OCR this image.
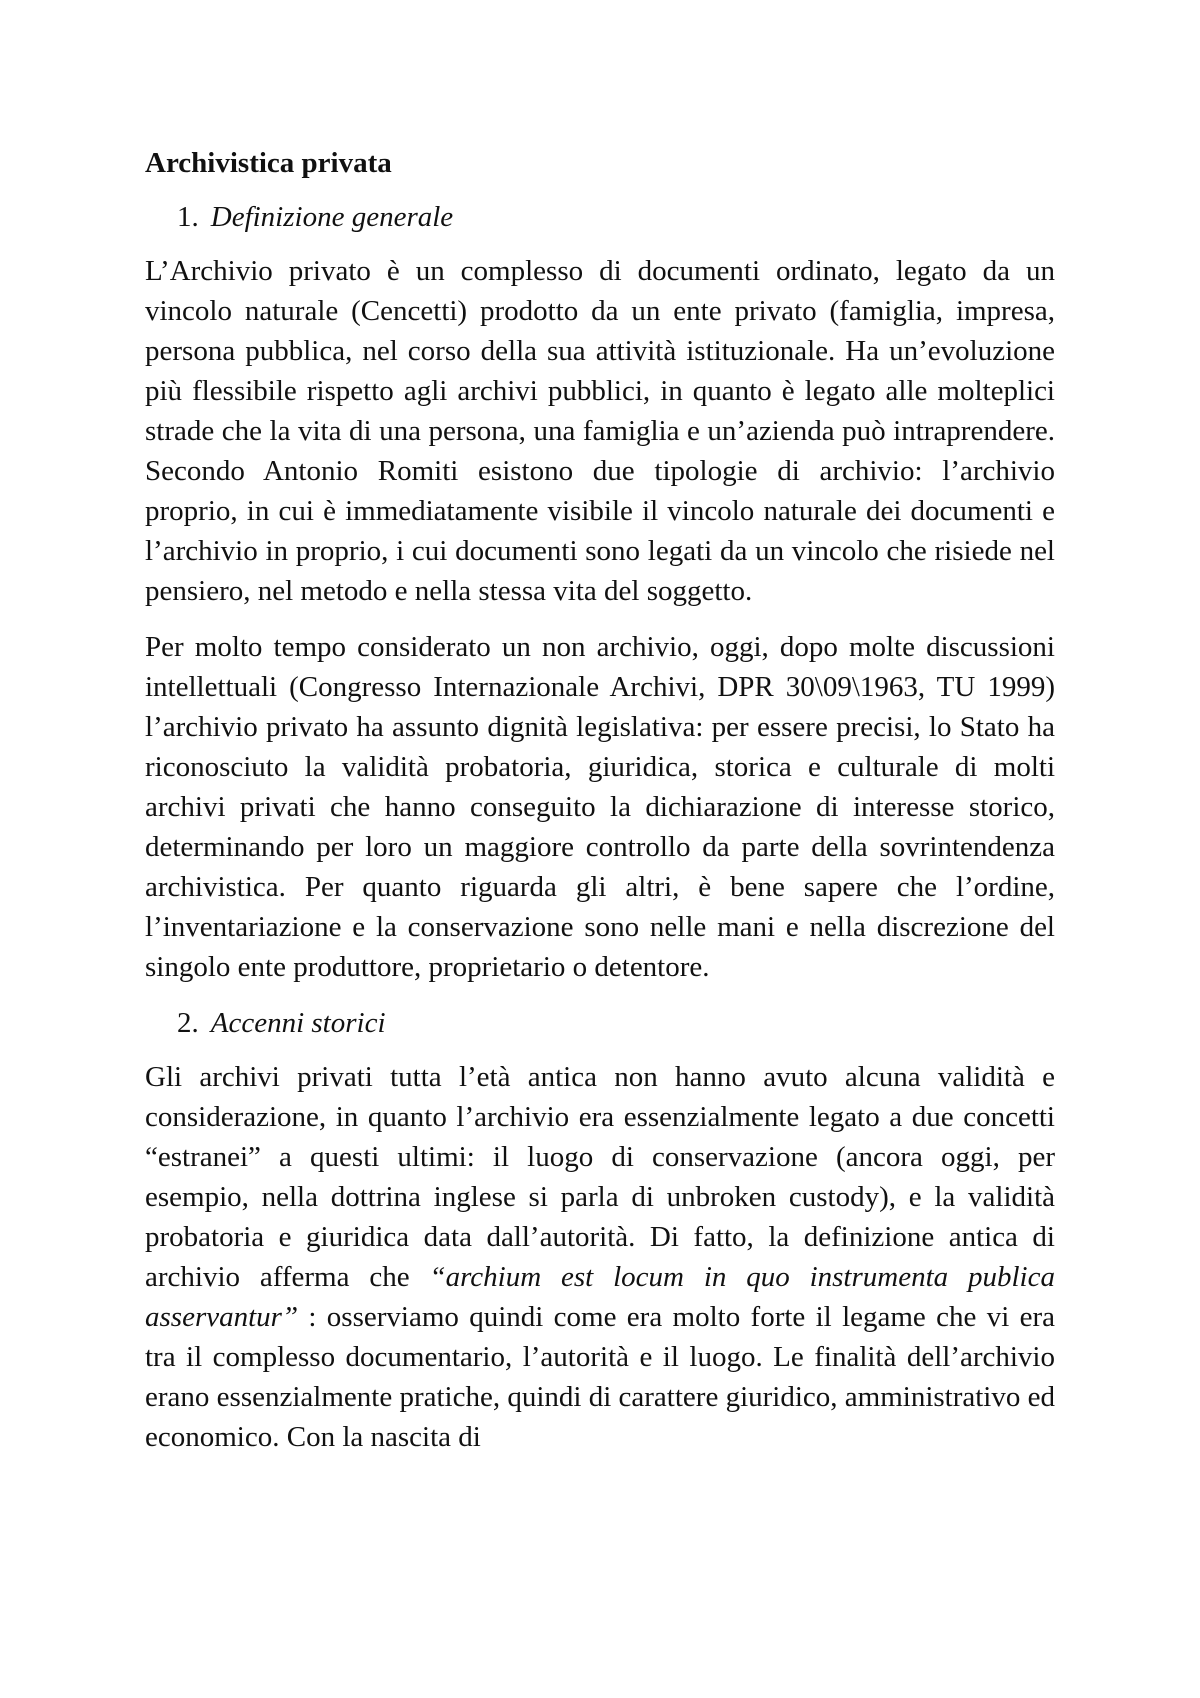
Archivistica privata
1. Definizione generale

L’Archivio privato è un complesso di documenti ordinato, legato da un vincolo naturale (Cencetti) prodotto da un ente privato (famiglia, impresa, persona pubblica, nel corso della sua attività istituzionale. Ha un’evoluzione più flessibile rispetto agli archivi pubblici, in quanto è legato alle molteplici strade che la vita di una persona, una famiglia e un’azienda può intraprendere. Secondo Antonio Romiti esistono due tipologie di archivio: l’archivio proprio, in cui è immediatamente visibile il vincolo naturale dei documenti e l’archivio in proprio, i cui documenti sono legati da un vincolo che risiede nel pensiero, nel metodo e nella stessa vita del soggetto.

Per molto tempo considerato un non archivio, oggi, dopo molte discussioni intellettuali (Congresso Internazionale Archivi, DPR 30\09\1963, TU 1999) l’archivio privato ha assunto dignità legislativa: per essere precisi, lo Stato ha riconosciuto la validità probatoria, giuridica, storica e culturale di molti archivi privati che hanno conseguito la dichiarazione di interesse storico, determinando per loro un maggiore controllo da parte della sovrintendenza archivistica. Per quanto riguarda gli altri, è bene sapere che l’ordine, l’inventariazione e la conservazione sono nelle mani e nella discrezione del singolo ente produttore, proprietario o detentore.

2. Accenni storici

Gli archivi privati tutta l’età antica non hanno avuto alcuna validità e considerazione, in quanto l’archivio era essenzialmente legato a due concetti “estranei” a questi ultimi: il luogo di conservazione (ancora oggi, per esempio, nella dottrina inglese si parla di unbroken custody), e la validità probatoria e giuridica data dall’autorità. Di fatto, la definizione antica di archivio afferma che “archium est locum in quo instrumenta publica asservantur” : osserviamo quindi come era molto forte il legame che vi era tra il complesso documentario, l’autorità e il luogo. Le finalità dell’archivio erano essenzialmente pratiche, quindi di carattere giuridico, amministrativo ed economico. Con la nascita di
